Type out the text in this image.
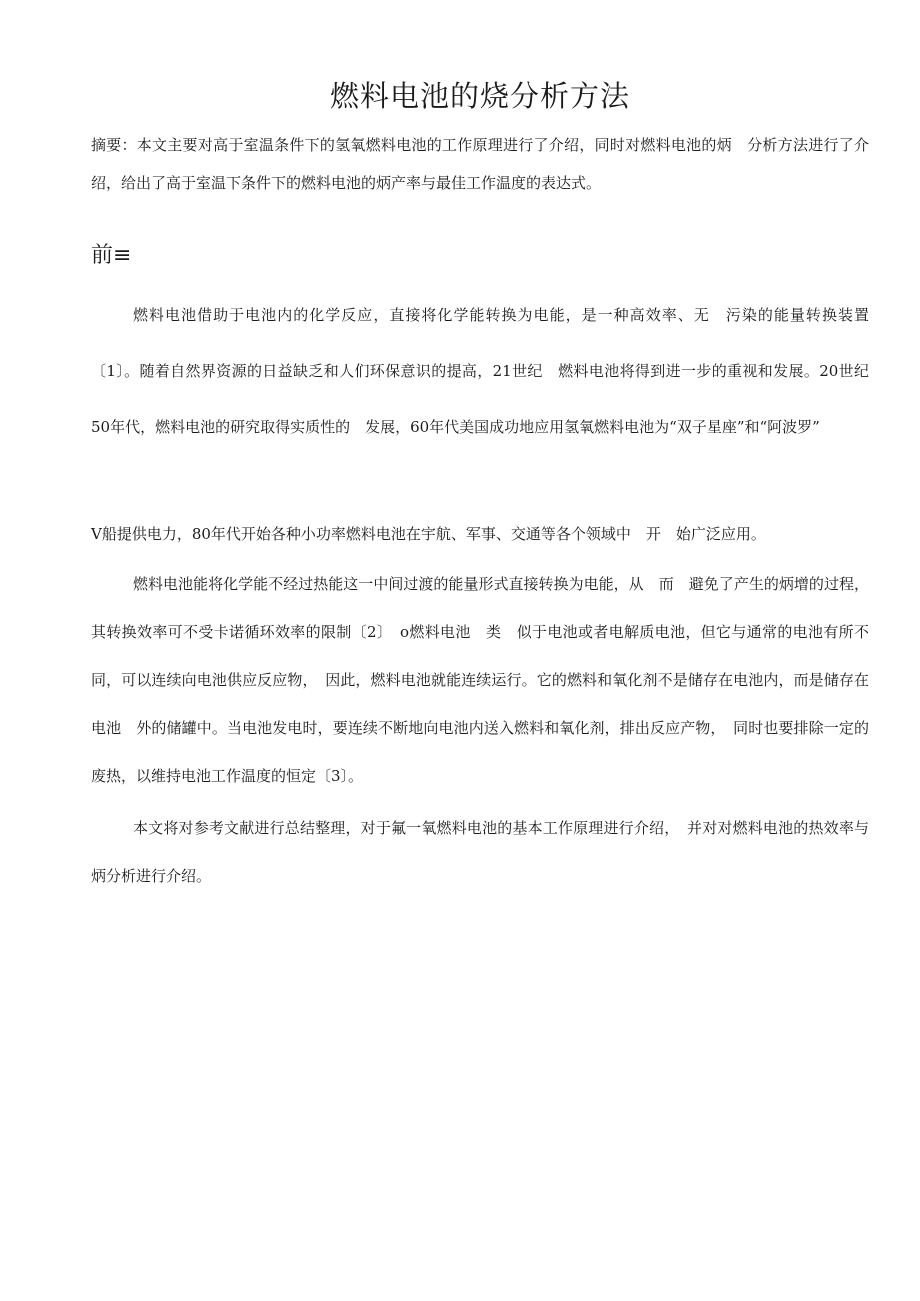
燃料电池的烧分析方法

摘要：本文主要对高于室温条件下的氢氧燃料电池的工作原理进行了介绍，同时对燃料电池的炳　分析方法进行了介绍，给出了高于室温下条件下的燃料电池的炳产率与最佳工作温度的表达式。

前≡

燃料电池借助于电池内的化学反应，直接将化学能转换为电能，是一种高效率、无　污染的能量转换装置〔1〕。随着自然界资源的日益缺乏和人们环保意识的提高，21世纪　燃料电池将得到进一步的重视和发展。20世纪50年代，燃料电池的研究取得实质性的　发展，60年代美国成功地应用氢氧燃料电池为“双子星座”和“阿波罗”

V船提供电力，80年代开始各种小功率燃料电池在宇航、军事、交通等各个领域中　开　始广泛应用。

燃料电池能将化学能不经过热能这一中间过渡的能量形式直接转换为电能，从　而　避免了产生的炳增的过程，其转换效率可不受卡诺循环效率的限制〔2〕　o燃料电池　类　似于电池或者电解质电池，但它与通常的电池有所不同，可以连续向电池供应反应物，　因此，燃料电池就能连续运行。它的燃料和氧化剂不是储存在电池内，而是储存在电池　外的储罐中。当电池发电时，要连续不断地向电池内送入燃料和氧化剂，排出反应产物，　同时也要排除一定的废热，以维持电池工作温度的恒定〔3〕。

本文将对参考文献进行总结整理，对于氟一氧燃料电池的基本工作原理进行介绍，　并对对燃料电池的热效率与炳分析进行介绍。
